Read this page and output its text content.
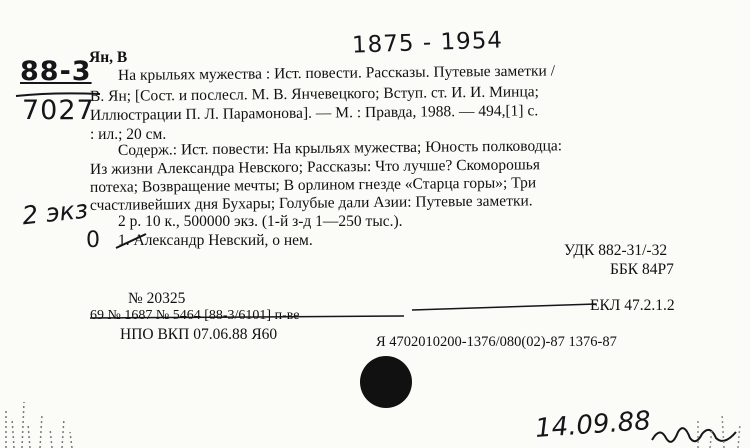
1875 - 1954
88-3
7027
Ян, В
На крыльях мужества : Ист. повести. Рассказы. Путевые заметки /
В. Ян; [Сост. и послесл. М. В. Янчевецкого; Вступ. ст. И. И. Минца;
Иллюстрации П. Л. Парамонова]. — М. : Правда, 1988. — 494,[1] с.
: ил.; 20 см.
Содерж.: Ист. повести: На крыльях мужества; Юность полководца:
Из жизни Александра Невского; Рассказы: Что лучше? Скоморошья
потеха; Возвращение мечты; В орлином гнезде «Старца горы»; Три
счастливейших дня Бухары; Голубые дали Азии: Путевые заметки.
2 экз
0
2 р. 10 к., 500000 экз. (1-й з-д 1—250 тыс.).
1. Александр Невский, о нем.
УДК 882-31/-32
ББК 84Р7
№ 20325
69 № 1687 № 5464 [88-3/6101] п-ве
ЕКЛ 47.2.1.2
НПО ВКП 07.06.88 Я60	Я 4702010200-1376/080(02)-87 1376-87
14.09.88
